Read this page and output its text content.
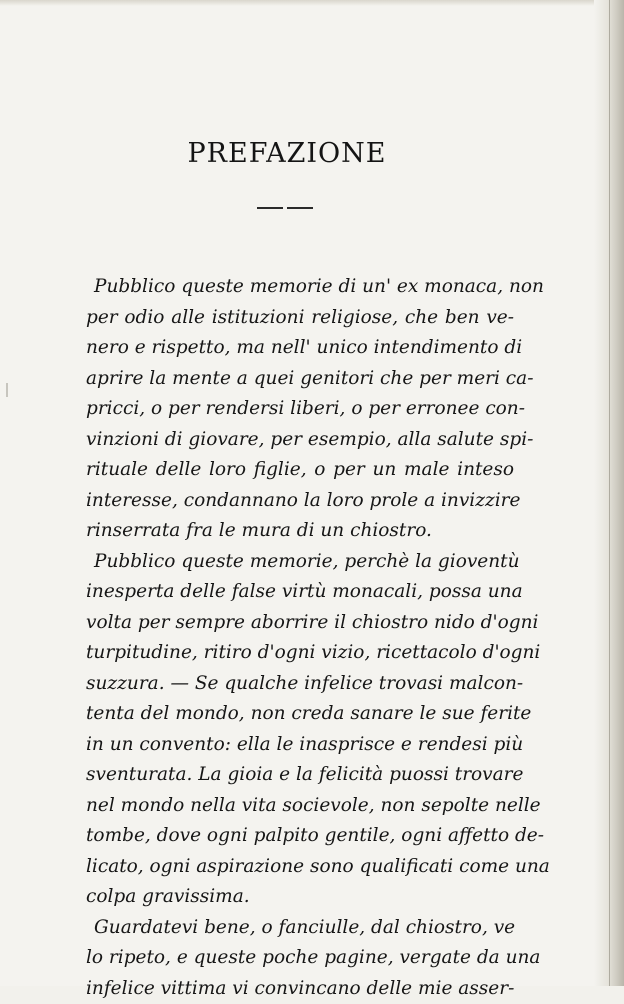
PREFAZIONE
Pubblico queste memorie di un' ex monaca, non
per odio alle istituzioni religiose, che ben ve-
nero e rispetto, ma nell' unico intendimento di
aprire la mente a quei genitori che per meri ca-
pricci, o per rendersi liberi, o per erronee con-
vinzioni di giovare, per esempio, alla salute spi-
rituale delle loro figlie, o per un male inteso
interesse, condannano la loro prole a invizzire
rinserrata fra le mura di un chiostro.
Pubblico queste memorie, perchè la gioventù
inesperta delle false virtù monacali, possa una
volta per sempre aborrire il chiostro nido d'ogni
turpitudine, ritiro d'ogni vizio, ricettacolo d'ogni
suzzura. — Se qualche infelice trovasi malcon-
tenta del mondo, non creda sanare le sue ferite
in un convento: ella le inasprisce e rendesi più
sventurata. La gioia e la felicità puossi trovare
nel mondo nella vita socievole, non sepolte nelle
tombe, dove ogni palpito gentile, ogni affetto de-
licato, ogni aspirazione sono qualificati come una
colpa gravissima.
Guardatevi bene, o fanciulle, dal chiostro, ve
lo ripeto, e queste poche pagine, vergate da una
infelice vittima vi convincano delle mie asser-
